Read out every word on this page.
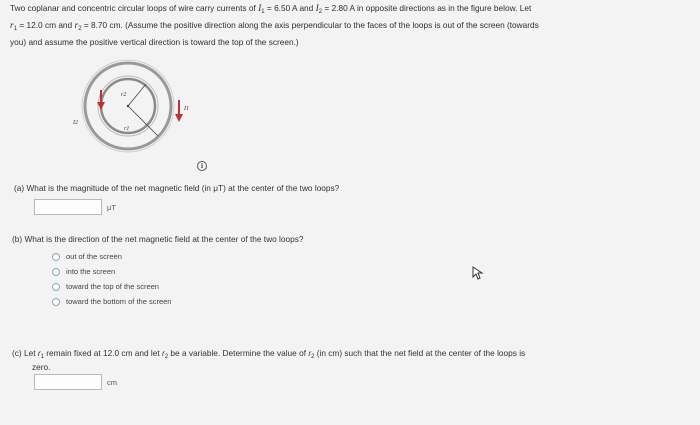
Two coplanar and concentric circular loops of wire carry currents of $I_1 = 6.50$ A and $I_2 = 2.80$ A in opposite directions as in the figure below. Let
$r_1 = 12.0$ cm and $r_2 = 8.70$ cm. (Assume the positive direction along the axis perpendicular to the faces of the loops is out of the screen (towards
you) and assume the positive vertical direction is toward the top of the screen.)
r2
r1
I2
I1
i
(a) What is the magnitude of the net magnetic field (in μT) at the center of the two loops?
μT
(b) What is the direction of the net magnetic field at the center of the two loops?
out of the screen
into the screen
toward the top of the screen
toward the bottom of the screen
(c) Let $r_1$ remain fixed at 12.0 cm and let $r_2$ be a variable. Determine the value of $r_2$ (in cm) such that the net field at the center of the loops is
zero.
cm
